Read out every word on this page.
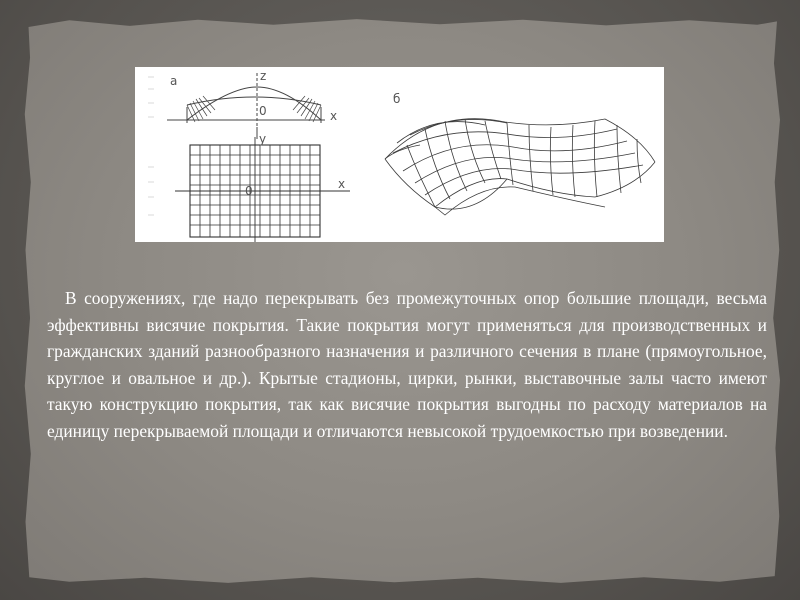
а	z
x
0
y
x
0
б

В сооружениях, где надо перекрывать без промежуточных опор большие площади, весьма эффективны висячие покрытия. Такие покрытия могут применяться для производственных и гражданских зданий разнообразного назначения и различного сечения в плане (прямоугольное, круглое и овальное и др.). Крытые стадионы, цирки, рынки, выставочные залы часто имеют такую конструкцию покрытия, так как висячие покрытия выгодны по расходу материалов на единицу перекрываемой площади и отличаются невысокой трудоемкостью при возведении.
